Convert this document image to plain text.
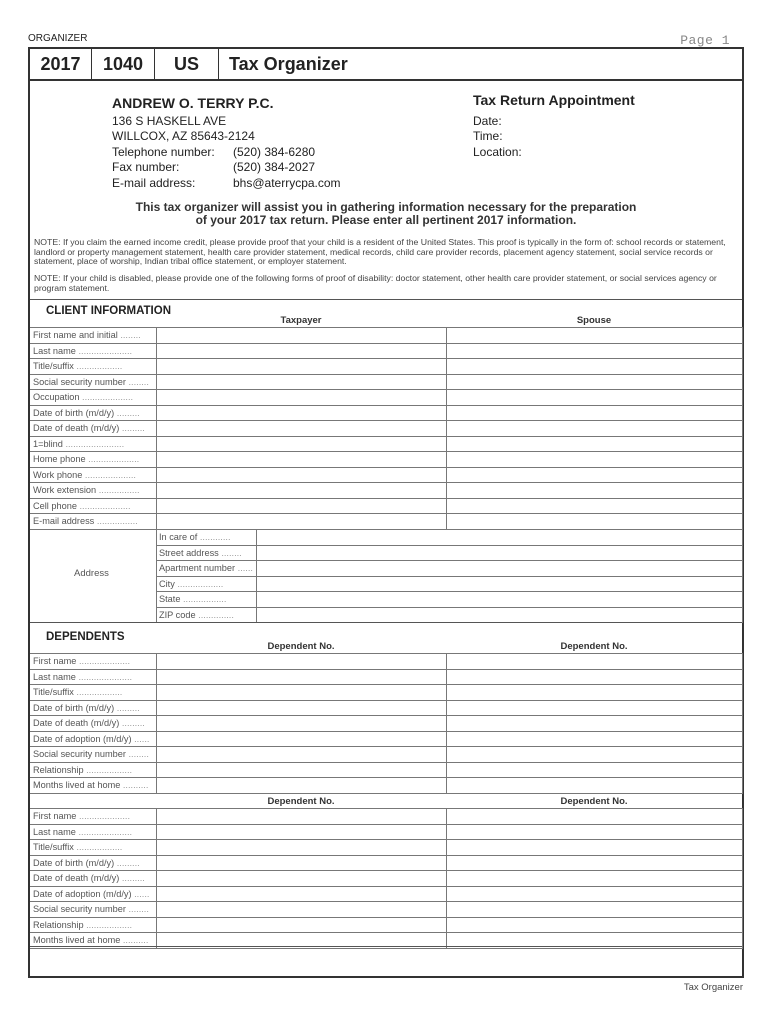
ORGANIZER	Page 1
2017	1040	US	Tax Organizer
ANDREW O. TERRY P.C.
136 S HASKELL AVE
WILLCOX, AZ 85643-2124
Telephone number:	(520) 384-6280
Fax number:	(520) 384-2027
E-mail address:	bhs@aterrycpa.com
Tax Return Appointment
Date:
Time:
Location:
This tax organizer will assist you in gathering information necessary for the preparation
of your 2017 tax return. Please enter all pertinent 2017 information.
NOTE: If you claim the earned income credit, please provide proof that your child is a resident of the United States. This proof is typically in the form of: school records or statement, landlord or property management statement, health care provider statement, medical records, child care provider records, placement agency statement, social service records or statement, place of worship, Indian tribal office statement, or employer statement.
NOTE: If your child is disabled, please provide one of the following forms of proof of disability: doctor statement, other health care provider statement, or social services agency or program statement.
CLIENT INFORMATION
Taxpayer	Spouse
First name and initial ........		
Last name .....................		
Title/suffix ..................		
Social security number ........		
Occupation ....................		
Date of birth (m/d/y) .........		
Date of death (m/d/y) .........		
1=blind .......................		
Home phone ....................		
Work phone ....................		
Work extension ................		
Cell phone ....................		
E-mail address ................		
In care of ............	
Street address ........	
Apartment number ......	
City ..................	
State .................	
ZIP code ..............	
Address
DEPENDENTS
Dependent No.	Dependent No.
First name ....................		
Last name .....................		
Title/suffix ..................		
Date of birth (m/d/y) .........		
Date of death (m/d/y) .........		
Date of adoption (m/d/y) ......		
Social security number ........		
Relationship ..................		
Months lived at home ..........		
Dependent No.	Dependent No.
First name ....................		
Last name .....................		
Title/suffix ..................		
Date of birth (m/d/y) .........		
Date of death (m/d/y) .........		
Date of adoption (m/d/y) ......		
Social security number ........		
Relationship ..................		
Months lived at home ..........		
Tax Organizer
